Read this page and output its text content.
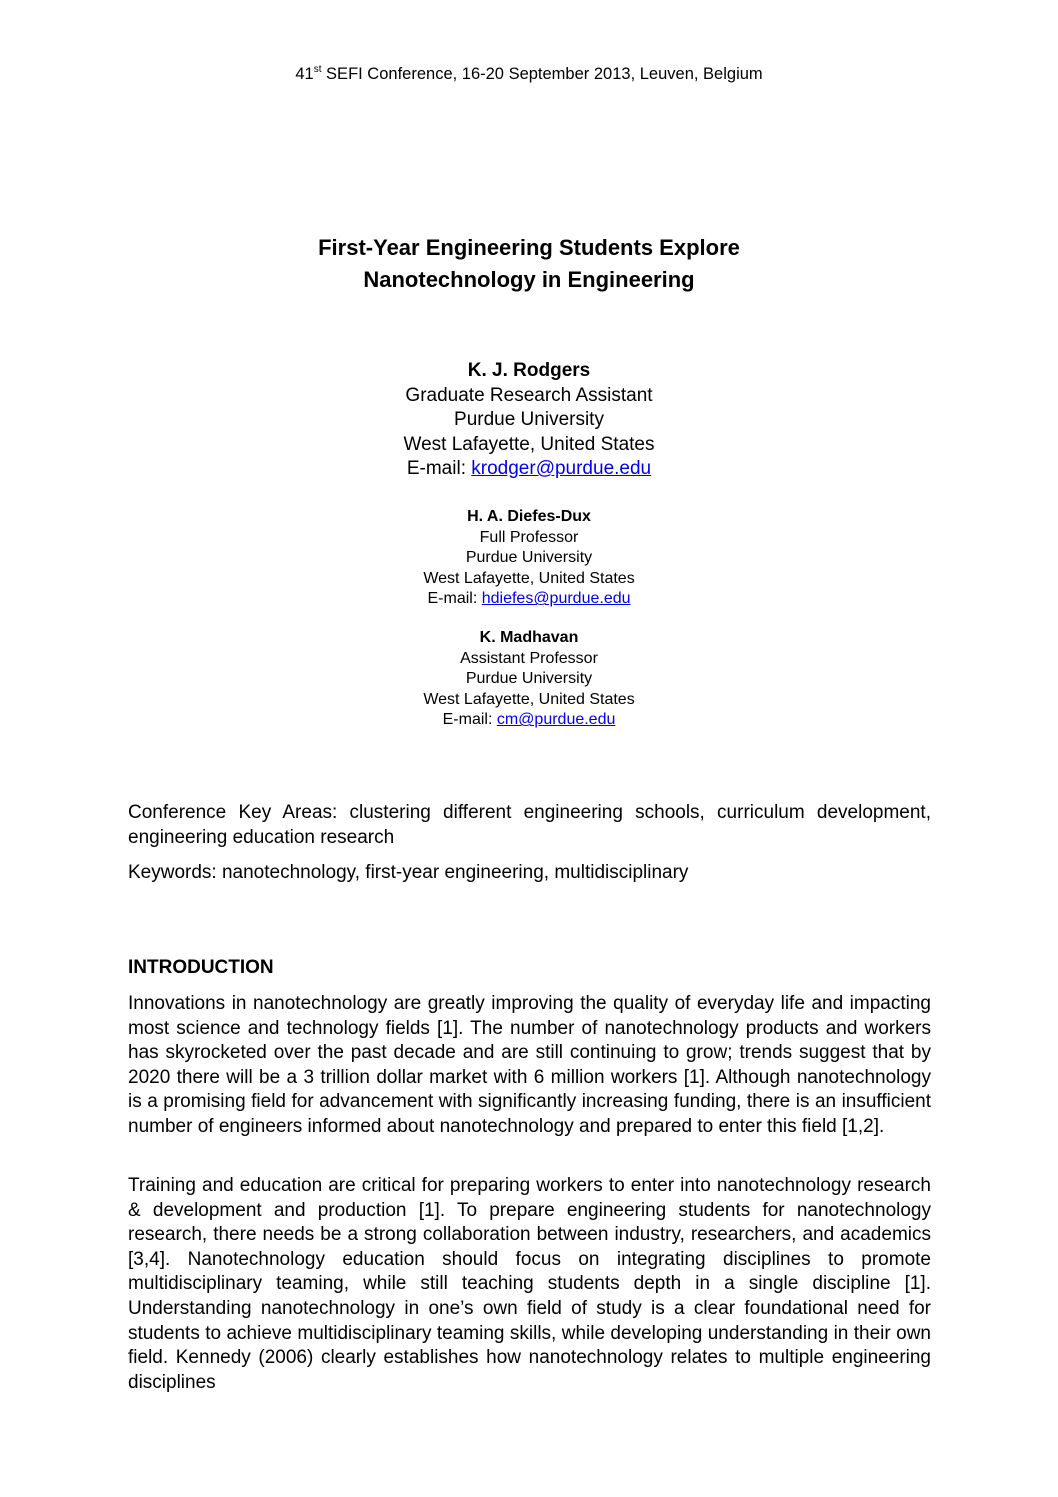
41st SEFI Conference, 16-20 September 2013, Leuven, Belgium
First-Year Engineering Students Explore
Nanotechnology in Engineering
K. J. Rodgers
Graduate Research Assistant
Purdue University
West Lafayette, United States
E-mail: krodger@purdue.edu
H. A. Diefes-Dux
Full Professor
Purdue University
West Lafayette, United States
E-mail: hdiefes@purdue.edu
K. Madhavan
Assistant Professor
Purdue University
West Lafayette, United States
E-mail: cm@purdue.edu
Conference Key Areas: clustering different engineering schools, curriculum development, engineering education research
Keywords: nanotechnology, first-year engineering, multidisciplinary
INTRODUCTION

Innovations in nanotechnology are greatly improving the quality of everyday life and impacting most science and technology fields [1]. The number of nanotechnology products and workers has skyrocketed over the past decade and are still continuing to grow; trends suggest that by 2020 there will be a 3 trillion dollar market with 6 million workers [1]. Although nanotechnology is a promising field for advancement with significantly increasing funding, there is an insufficient number of engineers informed about nanotechnology and prepared to enter this field [1,2].

Training and education are critical for preparing workers to enter into nanotechnology research & development and production [1]. To prepare engineering students for nanotechnology research, there needs be a strong collaboration between industry, researchers, and academics [3,4]. Nanotechnology education should focus on integrating disciplines to promote multidisciplinary teaming, while still teaching students depth in a single discipline [1]. Understanding nanotechnology in one’s own field of study is a clear foundational need for students to achieve multidisciplinary teaming skills, while developing understanding in their own field. Kennedy (2006) clearly establishes how nanotechnology relates to multiple engineering disciplines
